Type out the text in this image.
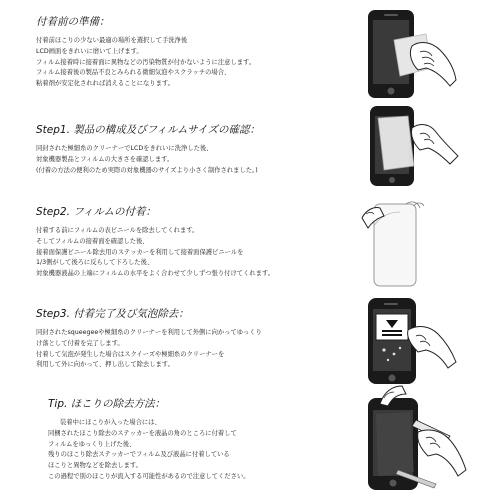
付着前の準備：
付着前ほこりの少ない最適の場所を選択して手洗浄後
LCD画面をきれいに磨いて上げます。
フィルム接着時に接着面に異物などの汚染物質が付かないように注意します。
フィルム接着後の製品不良とみられる微細気泡やスクラッチの場合、
粘着剤が安定化されれば消えることになります。
Step1. 製品の構成及びフィルムサイズの確認：
同封された極細糸のクリーナーでLCDをきれいに洗浄した後、
対象機器製品とフィルムの大きさを確認します。
(付着の方法の便利のため実際の対象機器のサイズより小さく制作されました。)
Step2. フィルムの付着：
付着する前にフィルムの表ビニールを除去してくれます。
そしてフィルムの接着面を確認した後、
接着面保護ビニール除去用のステッカーを利用して接着面保護ビニールを
1/3側がして後ろに反らして下ろした後、
対象機器液晶の上端にフィルムの水平をよく合わせて少しずつ張り付けてくれます。
Step3. 付着完了及び気泡除去：
同封されたsqueegeeや極細糸のクリーナーを利用して外側に向かってゆっくり
け落として付着を完了します。
付着して気泡が発生した場合はスクイーズや極細糸のクリーナーを
利用して外に向かって、押し出して除去します。
Tip. ほこりの除去方法：
装着中にほこりが入った場合には、
同梱されたほこり除去のステッカーを液晶の角のところに付着して
フィルムをゆっくり上げた後、
残りのほこり除去ステッカーでフィルム及び液晶に付着している
ほこりと異物などを除去します。
この過程で別のほこりが流入する可能性があるので注意してください。
